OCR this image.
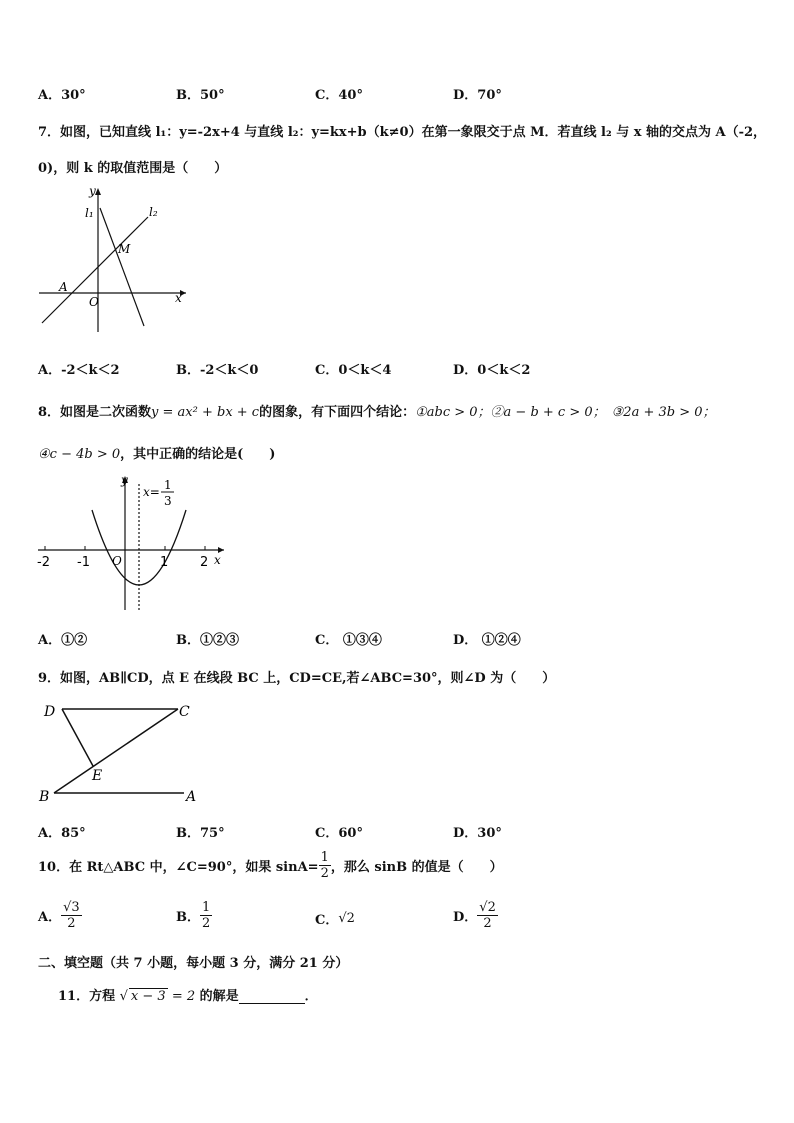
A．30°	B．50°	C．40°	D．70°
7．如图，已知直线 l₁：y=-2x+4 与直线 l₂：y=kx+b（k≠0）在第一象限交于点 M．若直线 l₂ 与 x 轴的交点为 A（-2，
0)，则 k 的取值范围是（　　）
y
x
l₁	l₂
M
A
O
A．-2＜k＜2	B．-2＜k＜0	C．0＜k＜4	D．0＜k＜2
8．如图是二次函数y = ax² + bx + c的图象，有下面四个结论：①abc > 0；②a − b + c > 0； ③2a + 3b > 0；
④c − 4b > 0，其中正确的结论是(　　)
y
x
x= 1
3
-2 -1 O	1 2
A．①②	B．①②③	C． ①③④	D． ①②④
9．如图，AB∥CD，点 E 在线段 BC 上，CD=CE,若∠ABC=30°，则∠D 为（　　）
D	C
E
B	A
A．85°	B．75°	C．60°	D．30°
10．在 Rt△ABC 中，∠C=90°，如果 $\sin A= \frac{1}{2}$ ，那么 sinB 的值是（　　）
A． $\frac{√3}{2}$	B． $\frac{1}{2}$	C． √2	D． $\frac{√2}{2}$
二、填空题（共 7 小题，每小题 3 分，满分 21 分）
11．方程 √ x − 3 = 2 的解是	．
